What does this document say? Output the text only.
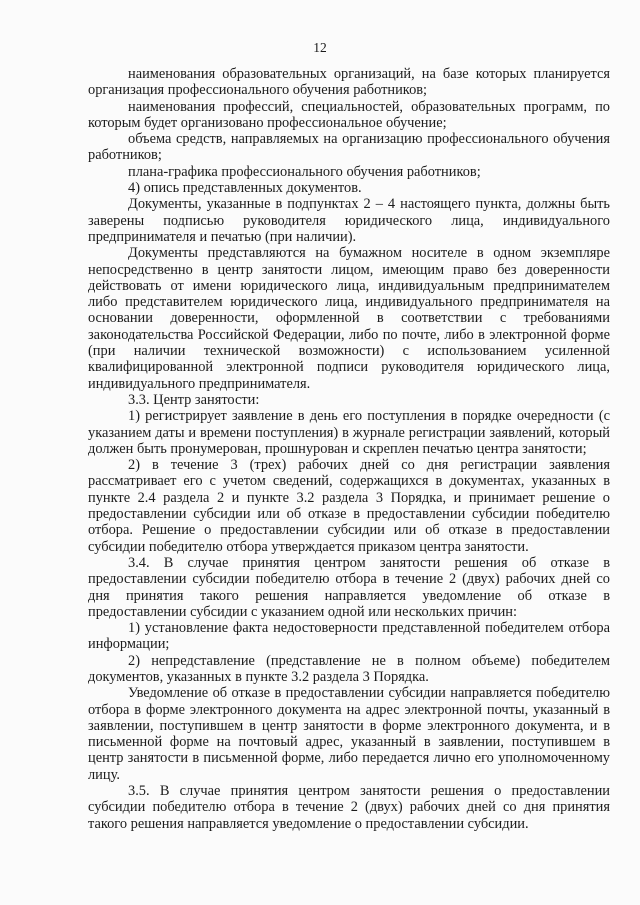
12

наименования образовательных организаций, на базе которых планируется организация профессионального обучения работников;

наименования профессий, специальностей, образовательных программ, по которым будет организовано профессиональное обучение;

объема средств, направляемых на организацию профессионального обучения работников;

плана-графика профессионального обучения работников;

4) опись представленных документов.

Документы, указанные в подпунктах 2 – 4 настоящего пункта, должны быть заверены подписью руководителя юридического лица, индивидуального предпринимателя и печатью (при наличии).

Документы представляются на бумажном носителе в одном экземпляре непосредственно в центр занятости лицом, имеющим право без доверенности действовать от имени юридического лица, индивидуальным предпринимателем либо представителем юридического лица, индивидуального предпринимателя на основании доверенности, оформленной в соответствии с требованиями законодательства Российской Федерации, либо по почте, либо в электронной форме (при наличии технической возможности) с использованием усиленной квалифицированной электронной подписи руководителя юридического лица, индивидуального предпринимателя.

3.3. Центр занятости:

1) регистрирует заявление в день его поступления в порядке очередности (с указанием даты и времени поступления) в журнале регистрации заявлений, который должен быть пронумерован, прошнурован и скреплен печатью центра занятости;

2) в течение 3 (трех) рабочих дней со дня регистрации заявления рассматривает его с учетом сведений, содержащихся в документах, указанных в пункте 2.4 раздела 2 и пункте 3.2 раздела 3 Порядка, и принимает решение о предоставлении субсидии или об отказе в предоставлении субсидии победителю отбора. Решение о предоставлении субсидии или об отказе в предоставлении субсидии победителю отбора утверждается приказом центра занятости.

3.4. В случае принятия центром занятости решения об отказе в предоставлении субсидии победителю отбора в течение 2 (двух) рабочих дней со дня принятия такого решения направляется уведомление об отказе в предоставлении субсидии с указанием одной или нескольких причин:

1) установление факта недостоверности представленной победителем отбора информации;

2) непредставление (представление не в полном объеме) победителем документов, указанных в пункте 3.2 раздела 3 Порядка.

Уведомление об отказе в предоставлении субсидии направляется победителю отбора в форме электронного документа на адрес электронной почты, указанный в заявлении, поступившем в центр занятости в форме электронного документа, и в письменной форме на почтовый адрес, указанный в заявлении, поступившем в центр занятости в письменной форме, либо передается лично его уполномоченному лицу.

3.5. В случае принятия центром занятости решения о предоставлении субсидии победителю отбора в течение 2 (двух) рабочих дней со дня принятия такого решения направляется уведомление о предоставлении субсидии.
